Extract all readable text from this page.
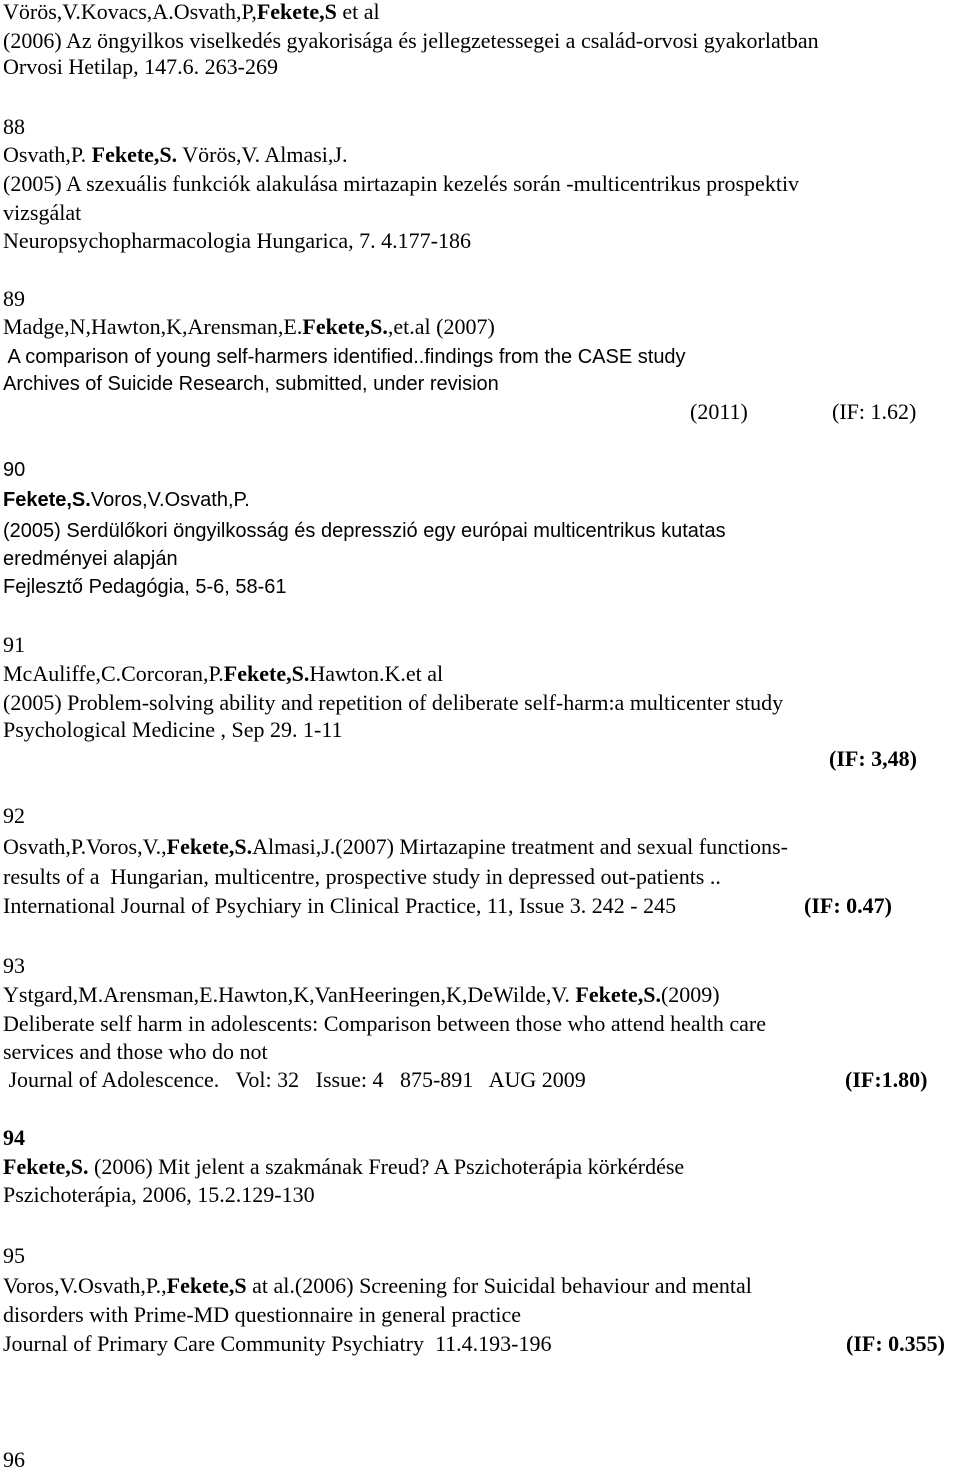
Vörös,V.Kovacs,A.Osvath,P,Fekete,S et al
(2006) Az öngyilkos viselkedés gyakorisága és jellegzetessegei a család-orvosi gyakorlatban
Orvosi Hetilap, 147.6. 263-269
88
Osvath,P. Fekete,S. Vörös,V. Almasi,J.
(2005) A szexuális funkciók alakulása mirtazapin kezelés során -multicentrikus prospektiv
vizsgálat
Neuropsychopharmacologia Hungarica, 7. 4.177-186
89
Madge,N,Hawton,K,Arensman,E.Fekete,S.,et.al (2007)
A comparison of young self-harmers identified..findings from the CASE study
Archives of Suicide Research, submitted, under revision
(2011)	(IF: 1.62)
90
Fekete,S.Voros,V.Osvath,P.
(2005) Serdülőkori öngyilkosság és depresszió egy európai multicentrikus kutatas
eredményei alapján
Fejlesztő Pedagógia, 5-6, 58-61
91
McAuliffe,C.Corcoran,P.Fekete,S.Hawton.K.et al
(2005) Problem-solving ability and repetition of deliberate self-harm:a multicenter study
Psychological Medicine , Sep 29. 1-11
(IF: 3,48)
92
Osvath,P.Voros,V.,Fekete,S.Almasi,J.(2007) Mirtazapine treatment and sexual functions-
results of a  Hungarian, multicentre, prospective study in depressed out-patients ..
International Journal of Psychiary in Clinical Practice, 11, Issue 3. 242 - 245	(IF: 0.47)
93
Ystgard,M.Arensman,E.Hawton,K,VanHeeringen,K,DeWilde,V. Fekete,S.(2009)
Deliberate self harm in adolescents: Comparison between those who attend health care
services and those who do not
Journal of Adolescence.   Vol: 32   Issue: 4   875-891   AUG 2009	(IF:1.80)
94
Fekete,S. (2006) Mit jelent a szakmának Freud? A Pszichoterápia körkérdése
Pszichoterápia, 2006, 15.2.129-130
95
Voros,V.Osvath,P.,Fekete,S at al.(2006) Screening for Suicidal behaviour and mental
disorders with Prime-MD questionnaire in general practice
Journal of Primary Care Community Psychiatry  11.4.193-196	(IF: 0.355)
96
